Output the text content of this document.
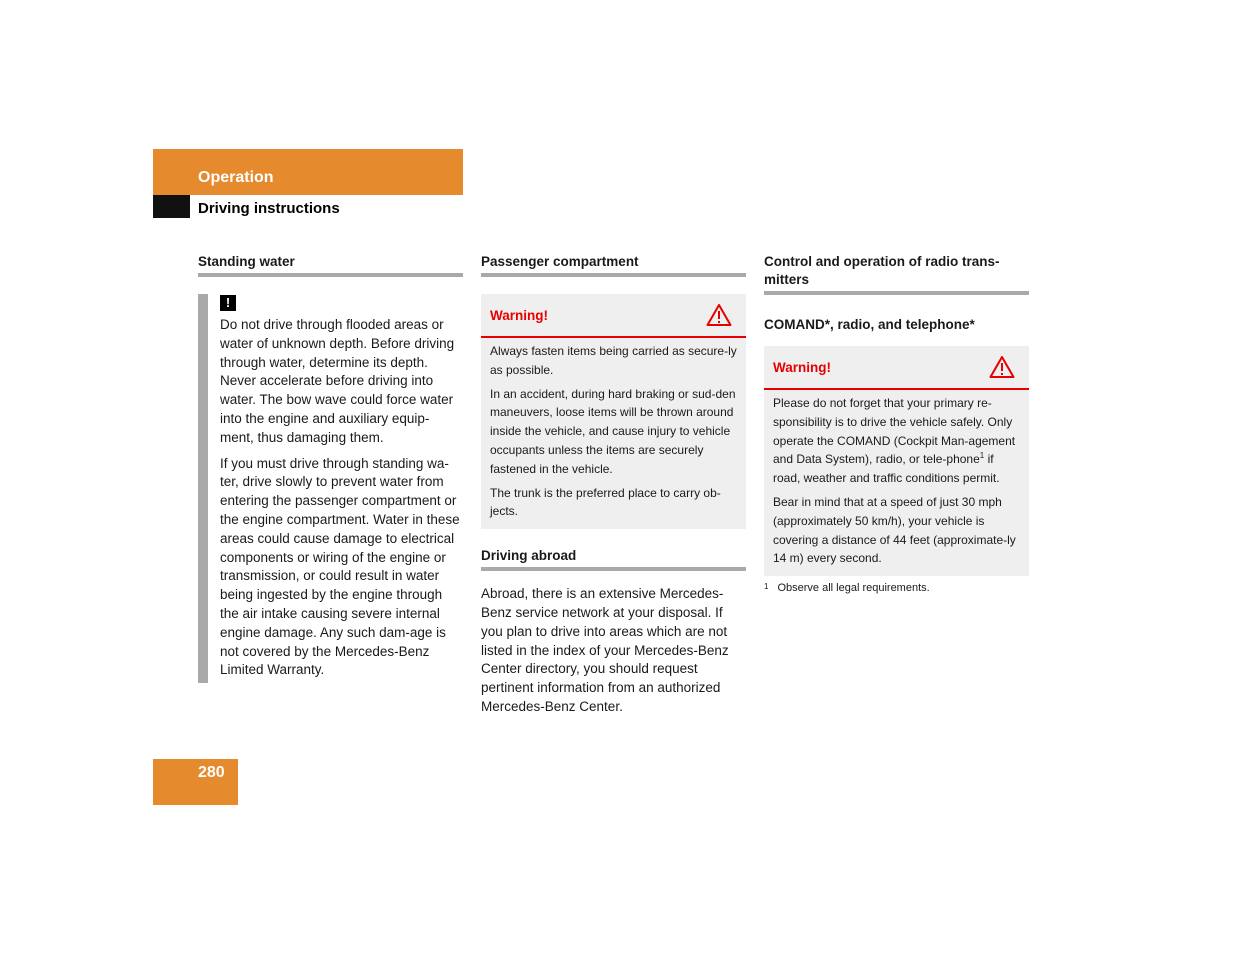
Operation
Driving instructions
Standing water
!

Do not drive through flooded areas or water of unknown depth. Before driving through water, determine its depth. Never accelerate before driving into water. The bow wave could force water into the engine and auxiliary equip-ment, thus damaging them.

If you must drive through standing wa-ter, drive slowly to prevent water from entering the passenger compartment or the engine compartment. Water in these areas could cause damage to electrical components or wiring of the engine or transmission, or could result in water being ingested by the engine through the air intake causing severe internal engine damage. Any such dam-age is not covered by the Mercedes-Benz Limited Warranty.

Passenger compartment
Warning!

Always fasten items being carried as secure-ly as possible.

In an accident, during hard braking or sud-den maneuvers, loose items will be thrown around inside the vehicle, and cause injury to vehicle occupants unless the items are securely fastened in the vehicle.

The trunk is the preferred place to carry ob-jects.

Driving abroad

Abroad, there is an extensive Mercedes-Benz service network at your disposal. If you plan to drive into areas which are not listed in the index of your Mercedes-Benz Center directory, you should request pertinent information from an authorized Mercedes-Benz Center.

Control and operation of radio trans-mitters
COMAND*, radio, and telephone*
Warning!

Please do not forget that your primary re-sponsibility is to drive the vehicle safely. Only operate the COMAND (Cockpit Man-agement and Data System), radio, or tele-phone$^1$ if road, weather and traffic conditions permit.

Bear in mind that at a speed of just 30 mph (approximately 50 km/h), your vehicle is covering a distance of 44 feet (approximate-ly 14 m) every second.

1 Observe all legal requirements.
280
